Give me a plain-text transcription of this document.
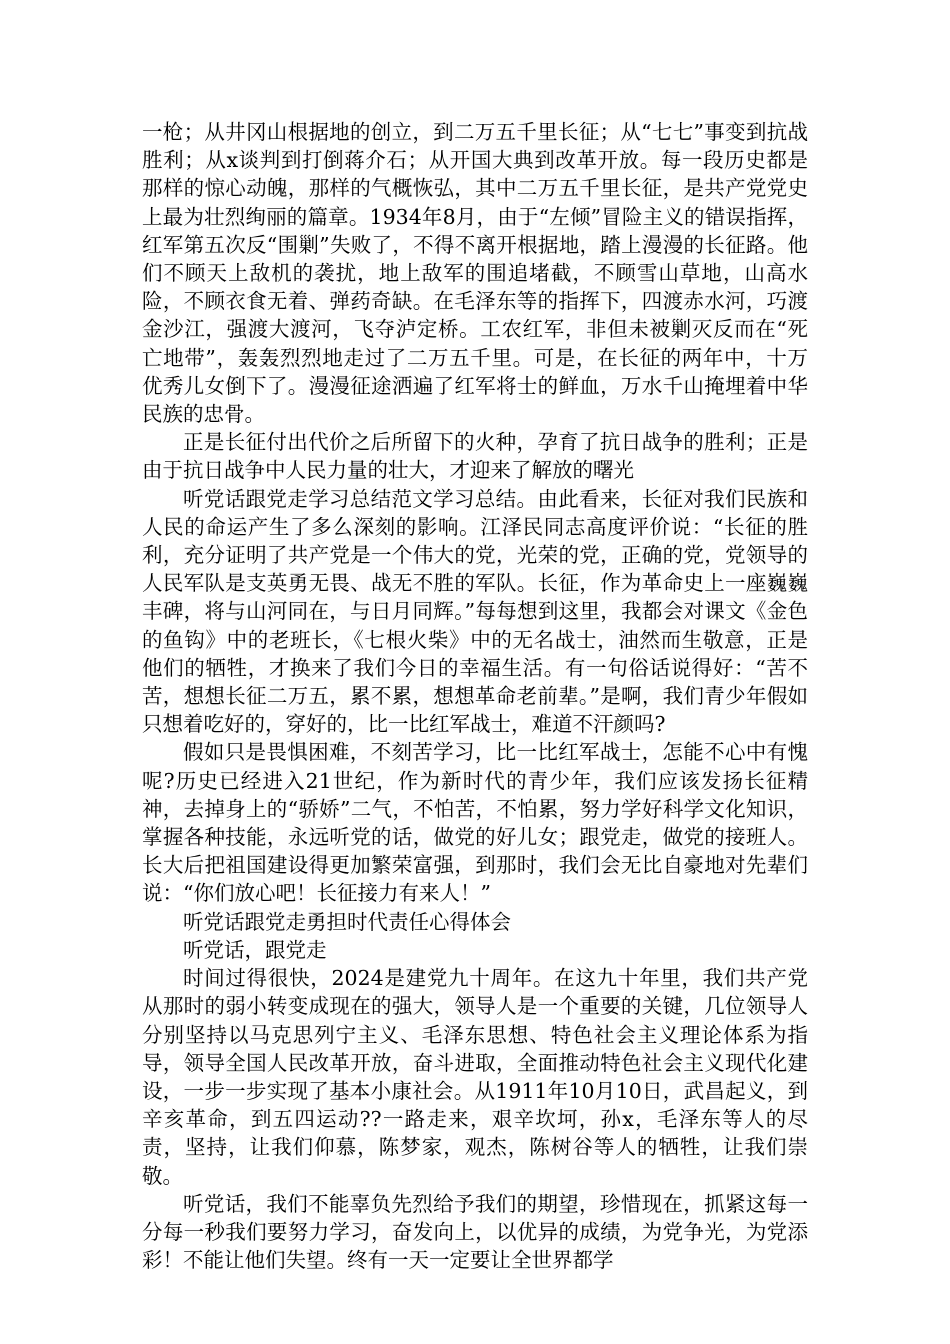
一枪；从井冈山根据地的创立，到二万五千里长征；从“七七”事变到抗战胜利；从x谈判到打倒蒋介石；从开国大典到改革开放。每一段历史都是那样的惊心动魄，那样的气概恢弘，其中二万五千里长征，是共产党党史上最为壮烈绚丽的篇章。1934年8月，由于“左倾”冒险主义的错误指挥，红军第五次反“围剿”失败了，不得不离开根据地，踏上漫漫的长征路。他们不顾天上敌机的袭扰，地上敌军的围追堵截，不顾雪山草地，山高水险，不顾衣食无着、弹药奇缺。在毛泽东等的指挥下，四渡赤水河，巧渡金沙江，强渡大渡河，飞夺泸定桥。工农红军，非但未被剿灭反而在“死亡地带”，轰轰烈烈地走过了二万五千里。可是，在长征的两年中，十万优秀儿女倒下了。漫漫征途洒遍了红军将士的鲜血，万水千山掩埋着中华民族的忠骨。

正是长征付出代价之后所留下的火种，孕育了抗日战争的胜利；正是由于抗日战争中人民力量的壮大，才迎来了解放的曙光

听党话跟党走学习总结范文学习总结。由此看来，长征对我们民族和人民的命运产生了多么深刻的影响。江泽民同志高度评价说：“长征的胜利，充分证明了共产党是一个伟大的党，光荣的党，正确的党，党领导的人民军队是支英勇无畏、战无不胜的军队。长征，作为革命史上一座巍巍丰碑，将与山河同在，与日月同辉。”每每想到这里，我都会对课文《金色的鱼钩》中的老班长，《七根火柴》中的无名战士，油然而生敬意，正是他们的牺牲，才换来了我们今日的幸福生活。有一句俗话说得好：“苦不苦，想想长征二万五，累不累，想想革命老前辈。”是啊，我们青少年假如只想着吃好的，穿好的，比一比红军战士，难道不汗颜吗?

假如只是畏惧困难，不刻苦学习，比一比红军战士，怎能不心中有愧呢?历史已经进入21世纪，作为新时代的青少年，我们应该发扬长征精神，去掉身上的“骄娇”二气，不怕苦，不怕累，努力学好科学文化知识，掌握各种技能，永远听党的话，做党的好儿女；跟党走，做党的接班人。长大后把祖国建设得更加繁荣富强，到那时，我们会无比自豪地对先辈们说：“你们放心吧！长征接力有来人！”

听党话跟党走勇担时代责任心得体会

听党话，跟党走

时间过得很快，2024是建党九十周年。在这九十年里，我们共产党从那时的弱小转变成现在的强大，领导人是一个重要的关键，几位领导人分别坚持以马克思列宁主义、毛泽东思想、特色社会主义理论体系为指导，领导全国人民改革开放，奋斗进取，全面推动特色社会主义现代化建设，一步一步实现了基本小康社会。从1911年10月10日，武昌起义，到辛亥革命，到五四运动??一路走来，艰辛坎坷，孙x，毛泽东等人的尽责，坚持，让我们仰慕，陈梦家，观杰，陈树谷等人的牺牲，让我们崇敬。

听党话，我们不能辜负先烈给予我们的期望，珍惜现在，抓紧这每一分每一秒我们要努力学习，奋发向上，以优异的成绩，为党争光，为党添彩！不能让他们失望。终有一天一定要让全世界都学
